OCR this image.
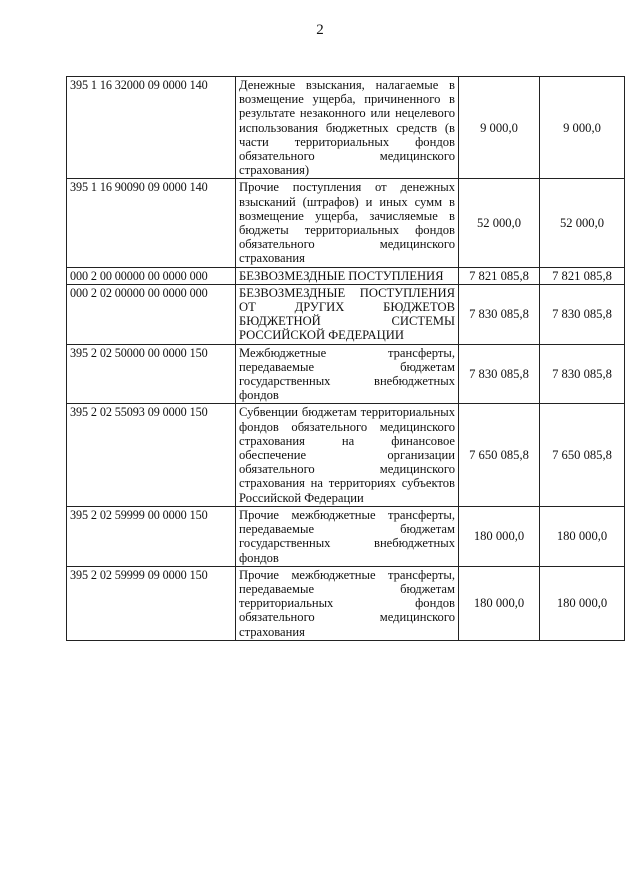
2
395 1 16 32000 09 0000 140	Денежные взыскания, налагаемые в возмещение ущерба, причиненного в результате незаконного или нецелевого использования бюджетных средств (в части территориальных фондов обязательного медицинского страхования)	9 000,0	9 000,0
395 1 16 90090 09 0000 140	Прочие поступления от денежных взысканий (штрафов) и иных сумм в возмещение ущерба, зачисляемые в бюджеты территориальных фондов обязательного медицинского страхования	52 000,0	52 000,0
000 2 00 00000 00 0000 000	БЕЗВОЗМЕЗДНЫЕ ПОСТУПЛЕНИЯ	7 821 085,8	7 821 085,8
000 2 02 00000 00 0000 000	БЕЗВОЗМЕЗДНЫЕ ПОСТУПЛЕНИЯ ОТ ДРУГИХ БЮДЖЕТОВ БЮДЖЕТНОЙ СИСТЕМЫ РОССИЙСКОЙ ФЕДЕРАЦИИ	7 830 085,8	7 830 085,8
395 2 02 50000 00 0000 150	Межбюджетные трансферты, передаваемые бюджетам государственных внебюджетных фондов	7 830 085,8	7 830 085,8
395 2 02 55093 09 0000 150	Субвенции бюджетам территориальных фондов обязательного медицинского страхования на финансовое обеспечение организации обязательного медицинского страхования на территориях субъектов Российской Федерации	7 650 085,8	7 650 085,8
395 2 02 59999 00 0000 150	Прочие межбюджетные трансферты, передаваемые бюджетам государственных внебюджетных фондов	180 000,0	180 000,0
395 2 02 59999 09 0000 150	Прочие межбюджетные трансферты, передаваемые бюджетам территориальных фондов обязательного медицинского страхования	180 000,0	180 000,0
